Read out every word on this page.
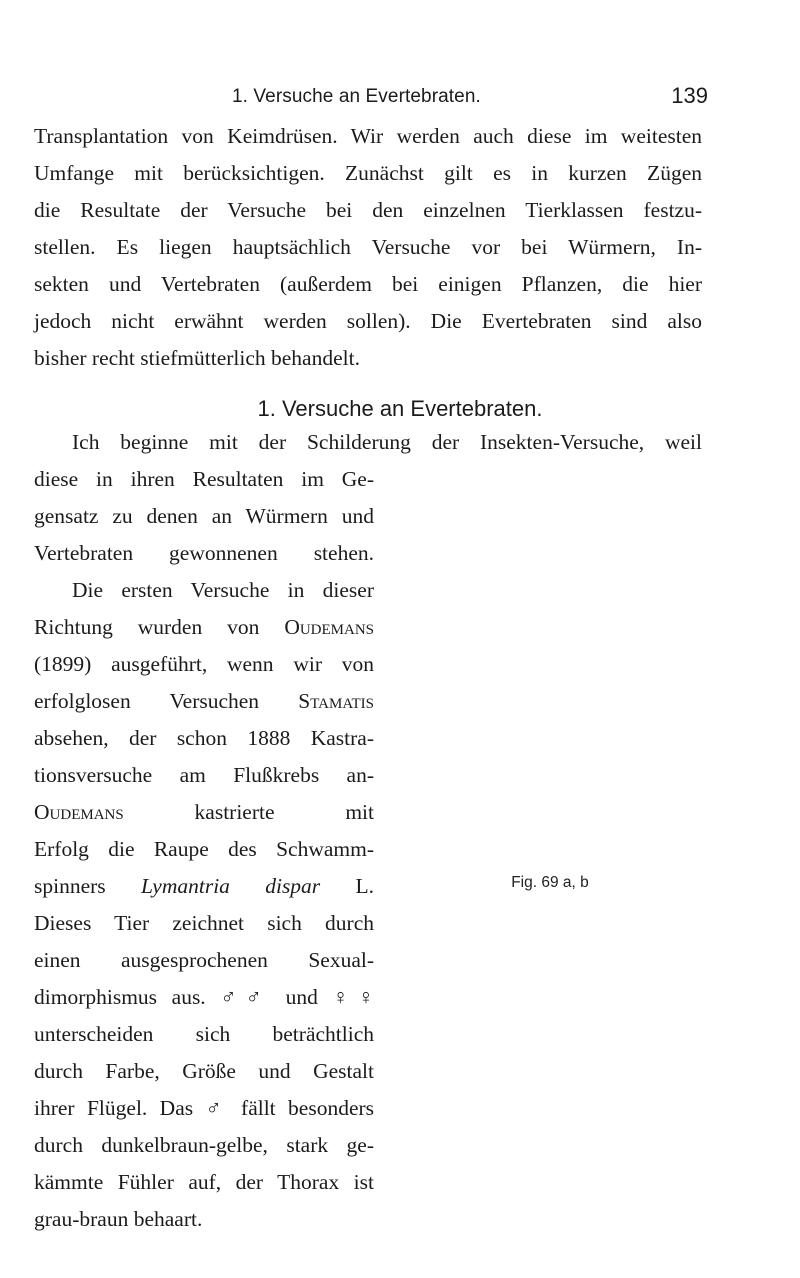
1. Versuche an Evertebraten.	139
Transplantation von Keimdrüsen. Wir werden auch diese im weitesten
Umfange mit berücksichtigen. Zunächst gilt es in kurzen Zügen
die Resultate der Versuche bei den einzelnen Tierklassen festzu-
stellen. Es liegen hauptsächlich Versuche vor bei Würmern, In-
sekten und Vertebraten (außerdem bei einigen Pflanzen, die hier
jedoch nicht erwähnt werden sollen). Die Evertebraten sind also
bisher recht stiefmütterlich behandelt.
1. Versuche an Evertebraten.
Ich beginne mit der Schilderung der Insekten-Versuche, weil
diese in ihren Resultaten im Ge-
gensatz zu denen an Würmern und
Vertebraten gewonnenen stehen.
Die ersten Versuche in dieser
Richtung wurden von Oudemans
(1899) ausgeführt, wenn wir von
erfolglosen Versuchen Stamatis
absehen, der schon 1888 Kastra-
tionsversuche am Flußkrebs an-
Oudemans	kastrierte mit
Erfolg die Raupe des Schwamm-
spinners Lymantria dispar L.
Dieses Tier zeichnet sich durch
einen ausgesprochenen Sexual-
dimorphismus aus. ♂♂ und ♀♀
unterscheiden sich beträchtlich
durch Farbe, Größe und Gestalt
ihrer Flügel. Das ♂ fällt besonders
durch dunkelbraun-gelbe, stark ge-
kämmte Fühler auf, der Thorax ist
grau-braun behaart.
Fig. 69 a, b
